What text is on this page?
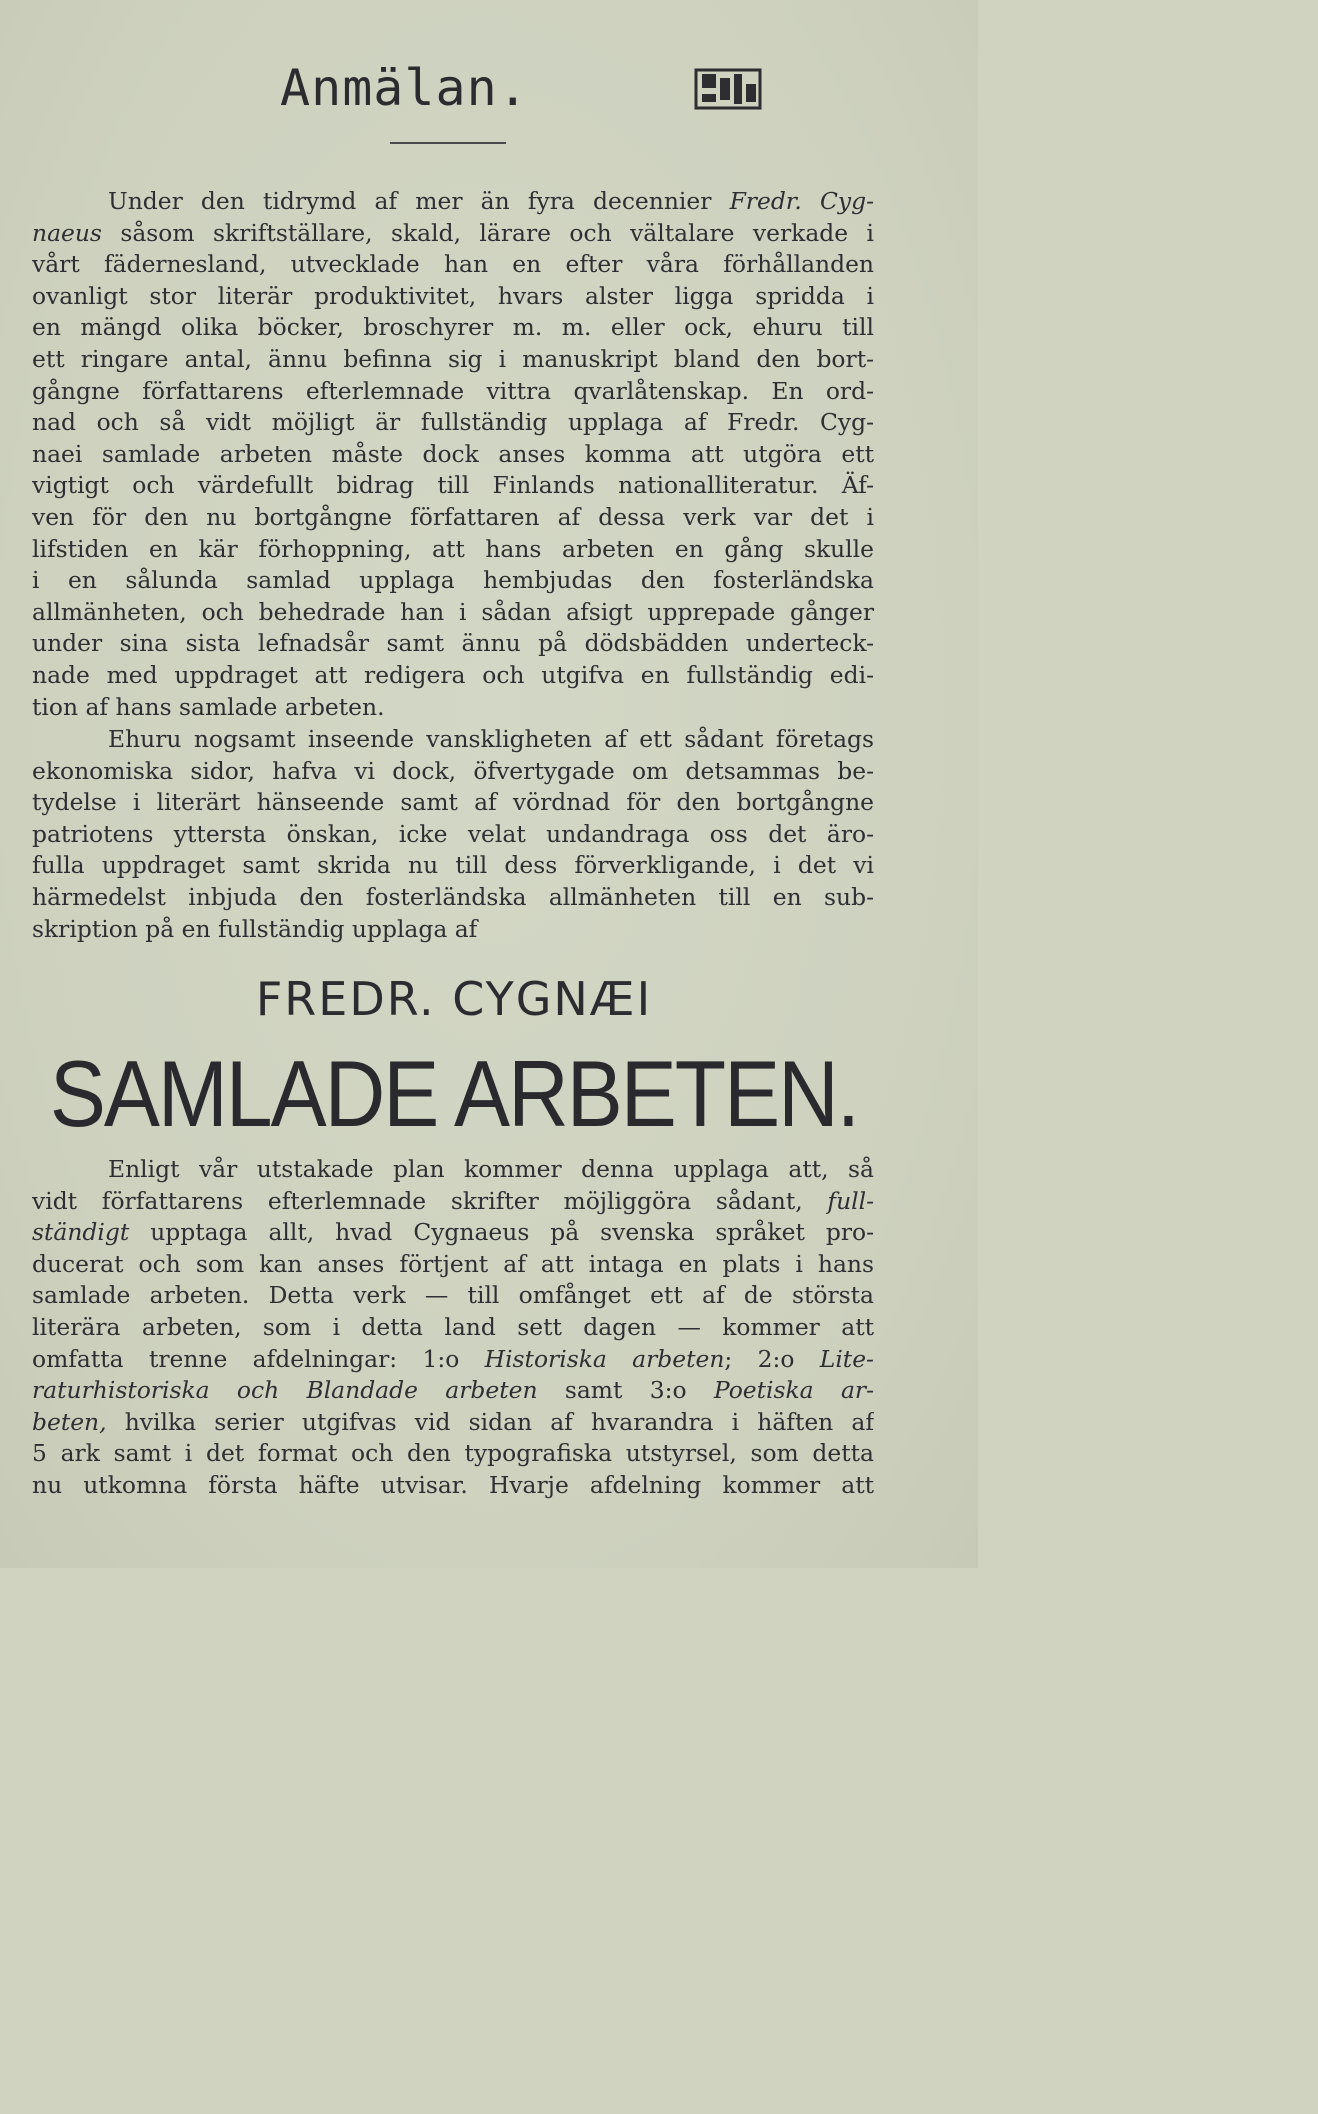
Anmälan.
Under den tidrymd af mer än fyra decennier Fredr. Cyg-
naeus såsom skriftställare, skald, lärare och vältalare verkade i
vårt fädernesland, utvecklade han en efter våra förhållanden
ovanligt stor literär produktivitet, hvars alster ligga spridda i
en mängd olika böcker, broschyrer m. m. eller ock, ehuru till
ett ringare antal, ännu befinna sig i manuskript bland den bort-
gångne författarens efterlemnade vittra qvarlåtenskap. En ord-
nad och så vidt möjligt är fullständig upplaga af Fredr. Cyg-
naei samlade arbeten måste dock anses komma att utgöra ett
vigtigt och värdefullt bidrag till Finlands nationalliteratur. Äf-
ven för den nu bortgångne författaren af dessa verk var det i
lifstiden en kär förhoppning, att hans arbeten en gång skulle
i en sålunda samlad upplaga hembjudas den fosterländska
allmänheten, och behedrade han i sådan afsigt upprepade gånger
under sina sista lefnadsår samt ännu på dödsbädden underteck-
nade med uppdraget att redigera och utgifva en fullständig edi-
tion af hans samlade arbeten.
Ehuru nogsamt inseende vanskligheten af ett sådant företags
ekonomiska sidor, hafva vi dock, öfvertygade om detsammas be-
tydelse i literärt hänseende samt af vördnad för den bortgångne
patriotens yttersta önskan, icke velat undandraga oss det äro-
fulla uppdraget samt skrida nu till dess förverkligande, i det vi
härmedelst inbjuda den fosterländska allmänheten till en sub-
skription på en fullständig upplaga af
FREDR. CYGNÆI
SAMLADE ARBETEN.
Enligt vår utstakade plan kommer denna upplaga att, så
vidt författarens efterlemnade skrifter möjliggöra sådant, full-
ständigt upptaga allt, hvad Cygnaeus på svenska språket pro-
ducerat och som kan anses förtjent af att intaga en plats i hans
samlade arbeten. Detta verk — till omfånget ett af de största
literära arbeten, som i detta land sett dagen — kommer att
omfatta trenne afdelningar: 1:o Historiska arbeten; 2:o Lite-
raturhistoriska och Blandade arbeten samt 3:o Poetiska ar-
beten, hvilka serier utgifvas vid sidan af hvarandra i häften af
5 ark samt i det format och den typografiska utstyrsel, som detta
nu utkomna första häfte utvisar. Hvarje afdelning kommer att
